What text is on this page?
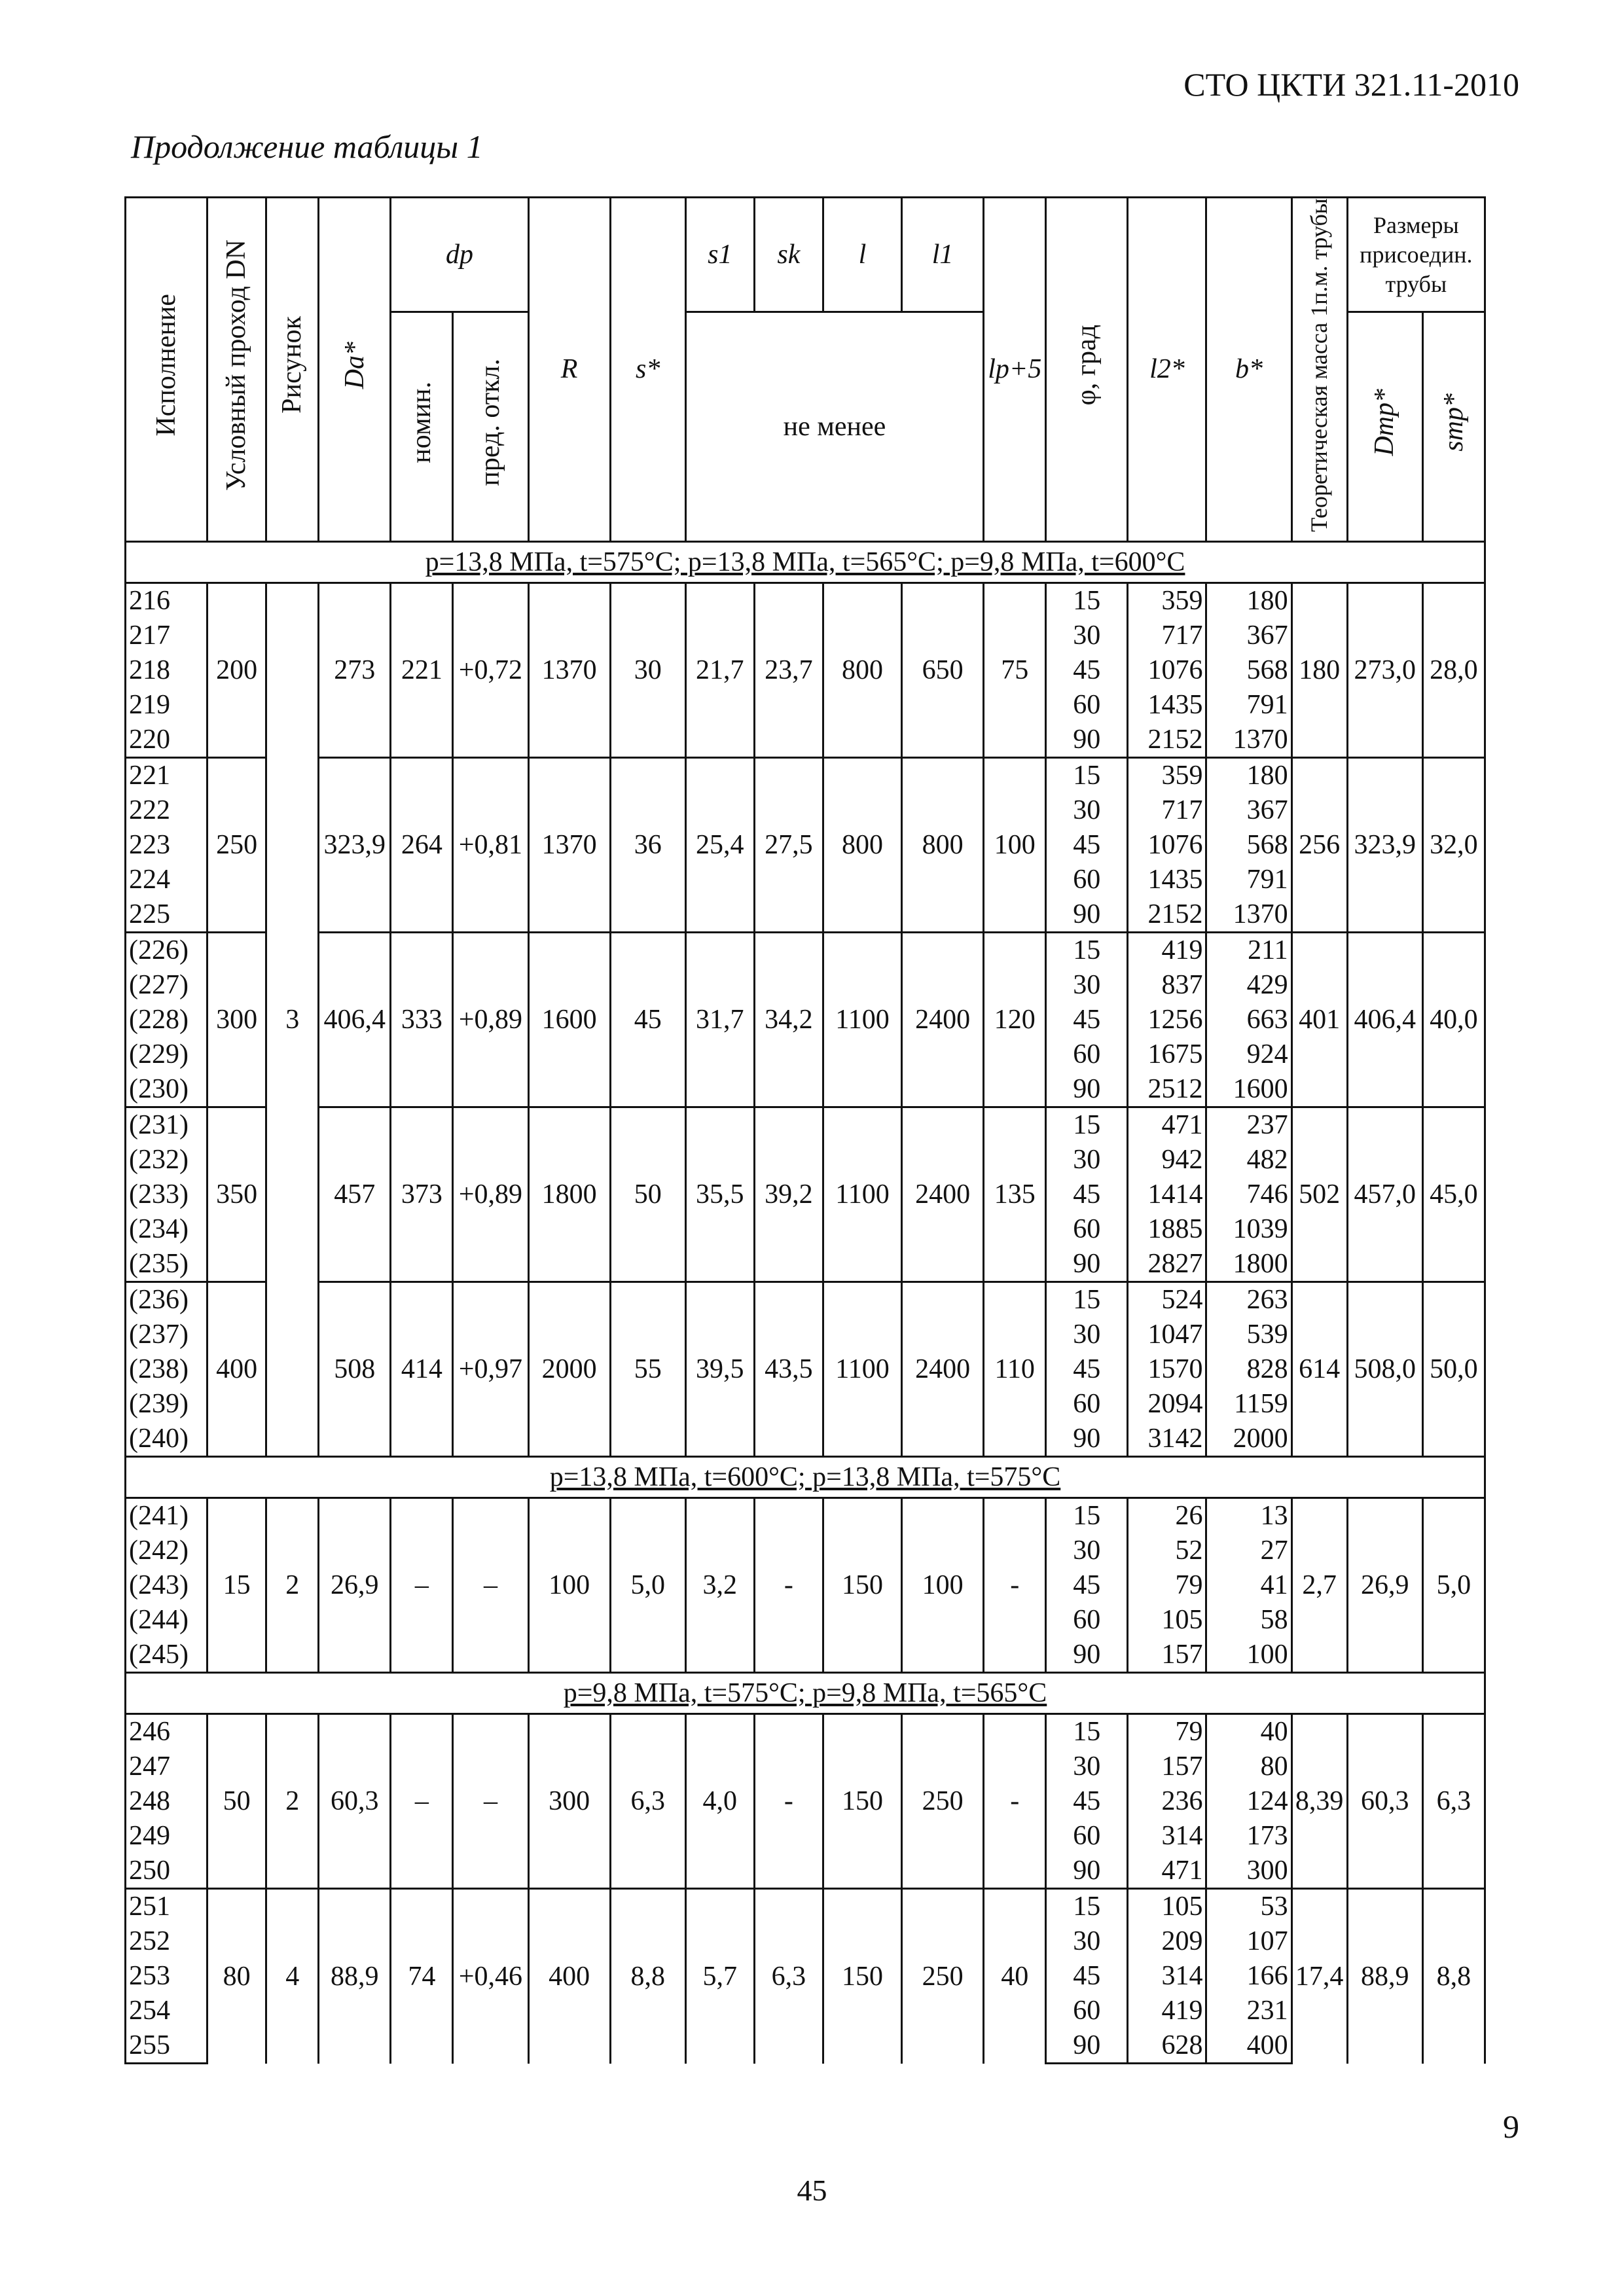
СТО ЦКТИ 321.11-2010
Продолжение таблицы 1
Исполнение	Условный проход DN	Рисунок	Da*	dp		R	s*	s1	sk	l	l1	lp+5	φ, град	l2*	b*	Теоретическая масса 1п.м. трубы	Размеры присоедин. трубы	
				номин.	пред. откл.			не менее									Dтр*	sтр*
р=13,8 МПа, t=575°С; р=13,8 МПа, t=565°С; р=9,8 МПа, t=600°С																		
216	200	3	273	221	+0,72	1370	30	21,7	23,7	800	650	75	15	359	180	180	273,0	28,0
217													30	717	367			
218													45	1076	568			
219													60	1435	791			
220													90	2152	1370			
221	250		323,9	264	+0,81	1370	36	25,4	27,5	800	800	100	15	359	180	256	323,9	32,0
222													30	717	367			
223													45	1076	568			
224													60	1435	791			
225													90	2152	1370			
(226)	300		406,4	333	+0,89	1600	45	31,7	34,2	1100	2400	120	15	419	211	401	406,4	40,0
(227)													30	837	429			
(228)													45	1256	663			
(229)													60	1675	924			
(230)													90	2512	1600			
(231)	350		457	373	+0,89	1800	50	35,5	39,2	1100	2400	135	15	471	237	502	457,0	45,0
(232)													30	942	482			
(233)													45	1414	746			
(234)													60	1885	1039			
(235)													90	2827	1800			
(236)	400		508	414	+0,97	2000	55	39,5	43,5	1100	2400	110	15	524	263	614	508,0	50,0
(237)													30	1047	539			
(238)													45	1570	828			
(239)													60	2094	1159			
(240)													90	3142	2000			
р=13,8 МПа, t=600°С; р=13,8 МПа, t=575°С																		
(241)	15	2	26,9	–	–	100	5,0	3,2	-	150	100	-	15	26	13	2,7	26,9	5,0
(242)													30	52	27			
(243)													45	79	41			
(244)													60	105	58			
(245)													90	157	100			
р=9,8 МПа, t=575°С; р=9,8 МПа, t=565°С																		
246	50	2	60,3	–	–	300	6,3	4,0	-	150	250	-	15	79	40	8,39	60,3	6,3
247													30	157	80			
248													45	236	124			
249													60	314	173			
250													90	471	300			
251	80	4	88,9	74	+0,46	400	8,8	5,7	6,3	150	250	40	15	105	53	17,4	88,9	8,8
252													30	209	107			
253													45	314	166			
254													60	419	231			
255													90	628	400			
9
45
